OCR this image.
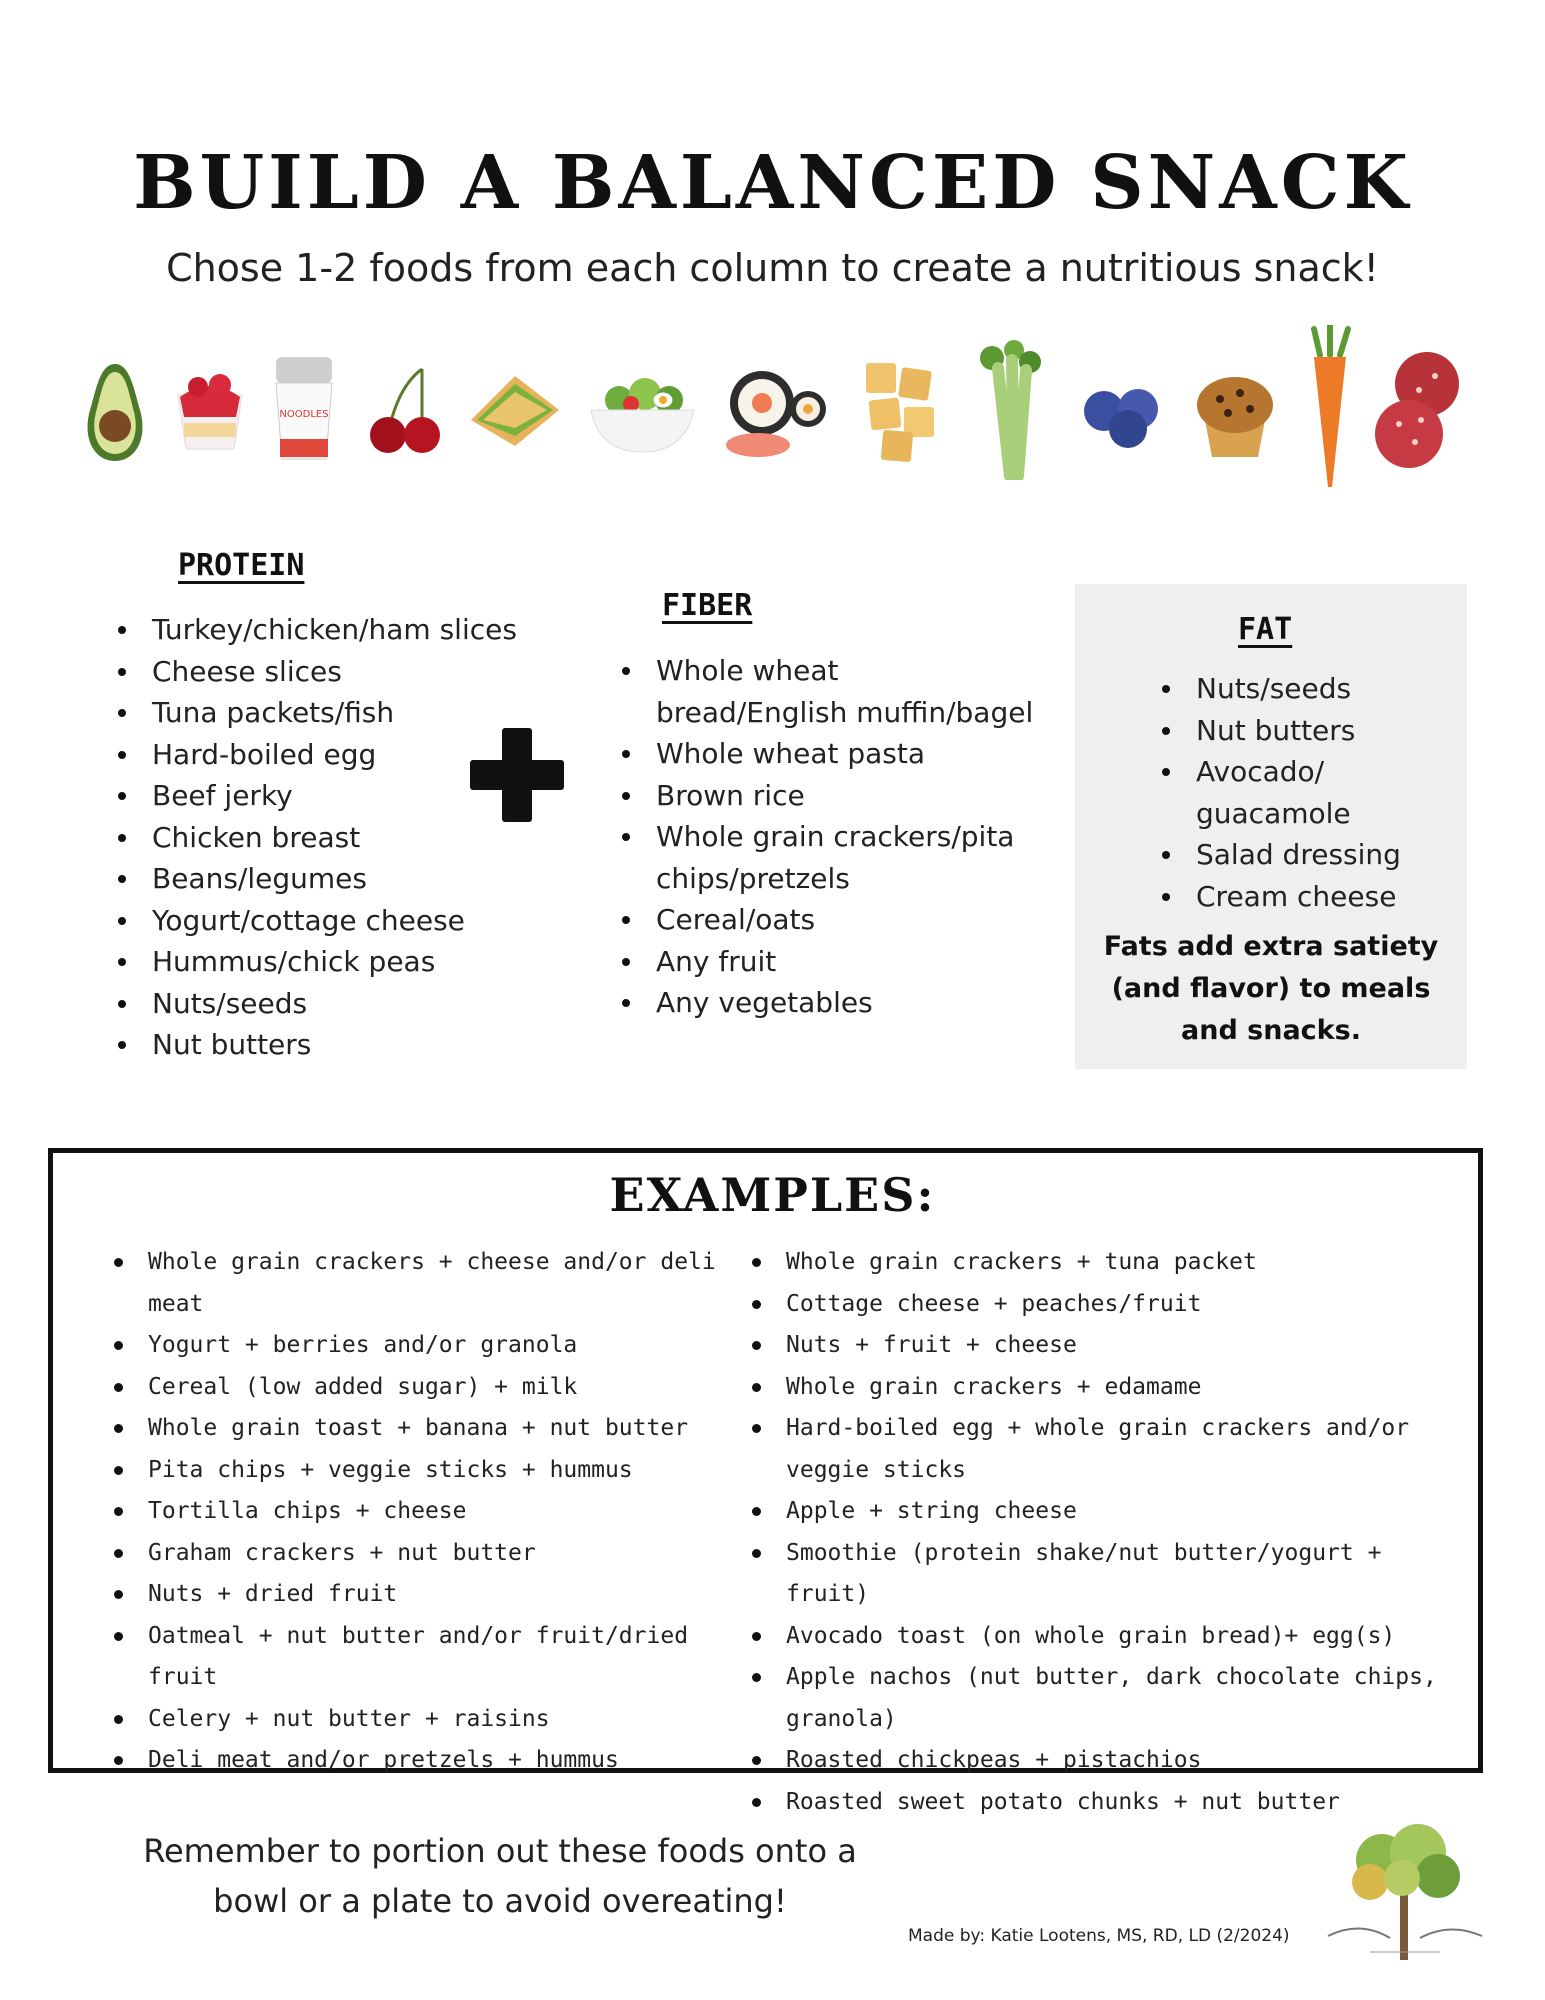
BUILD A BALANCED SNACK
Chose 1-2 foods from each column to create a nutritious snack!
NOODLES
PROTEIN
Turkey/chicken/ham slices
Cheese slices
Tuna packets/fish
Hard-boiled egg
Beef jerky
Chicken breast
Beans/legumes
Yogurt/cottage cheese
Hummus/chick peas
Nuts/seeds
Nut butters
FIBER
Whole wheat bread/English muffin/bagel
Whole wheat pasta
Brown rice
Whole grain crackers/pita chips/pretzels
Cereal/oats
Any fruit
Any vegetables
FAT
Nuts/seeds
Nut butters
Avocado/ guacamole
Salad dressing
Cream cheese
Fats add extra satiety (and flavor) to meals and snacks.
EXAMPLES:
Whole grain crackers + cheese and/or deli meat
Yogurt + berries and/or granola
Cereal (low added sugar) + milk
Whole grain toast + banana + nut butter
Pita chips + veggie sticks + hummus
Tortilla chips + cheese
Graham crackers + nut butter
Nuts + dried fruit
Oatmeal + nut butter and/or fruit/dried fruit
Celery + nut butter + raisins
Deli meat and/or pretzels + hummus
Whole grain crackers + tuna packet
Cottage cheese + peaches/fruit
Nuts + fruit + cheese
Whole grain crackers + edamame
Hard-boiled egg + whole grain crackers and/or veggie sticks
Apple + string cheese
Smoothie (protein shake/nut butter/yogurt + fruit)
Avocado toast (on whole grain bread)+ egg(s)
Apple nachos (nut butter, dark chocolate chips, granola)
Roasted chickpeas + pistachios
Roasted sweet potato chunks + nut butter
Remember to portion out these foods onto a bowl or a plate to avoid overeating!
Made by: Katie Lootens, MS, RD, LD (2/2024)
